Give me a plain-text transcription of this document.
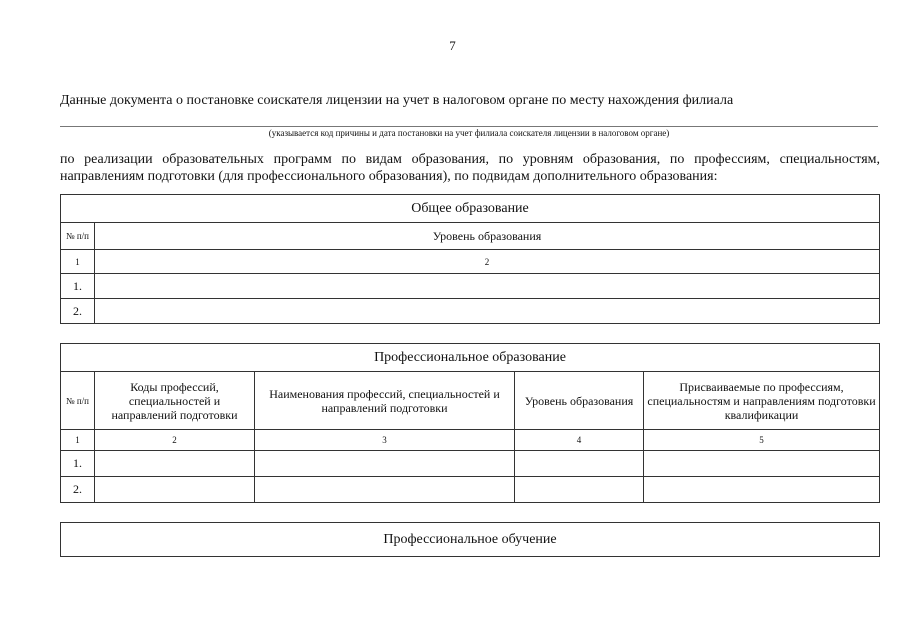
7
Данные документа о постановке соискателя лицензии на учет в налоговом органе по месту нахождения филиала
(указывается код причины и дата постановки на учет филиала соискателя лицензии в налоговом органе)
по реализации образовательных программ по видам образования, по уровням образования, по профессиям, специальностям, направлениям подготовки (для профессионального образования), по подвидам дополнительного образования:
Общее образование	
№ п/п	Уровень образования
1	2
1.	
2.	
Профессиональное образование				
№ п/п	Коды профессий, специальностей и направлений подготовки	Наименования профессий, специальностей и направлений подготовки	Уровень образования	Присваиваемые по профессиям, специальностям и направлениям подготовки квалификации
1	2	3	4	5
1.				
2.				
Профессиональное обучение
